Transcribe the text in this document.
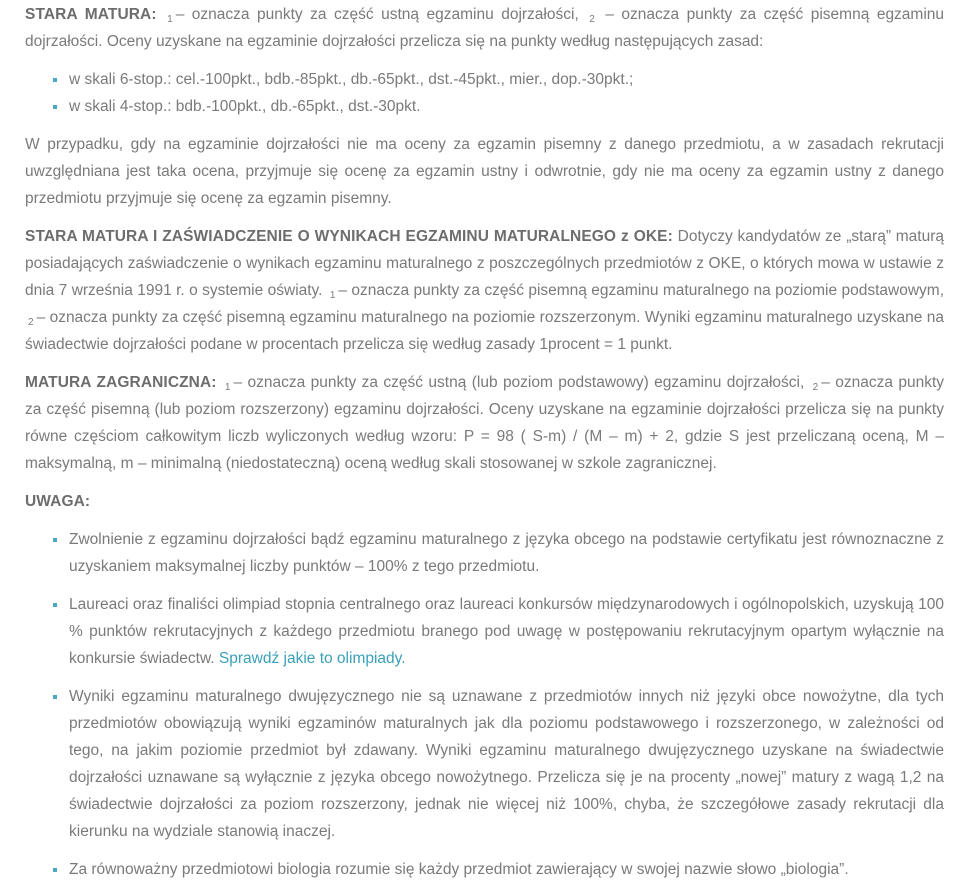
STARA MATURA: $_1$ – oznacza punkty za część ustną egzaminu dojrzałości, $_2$ – oznacza punkty za część pisemną egzaminu dojrzałości. Oceny uzyskane na egzaminie dojrzałości przelicza się na punkty według następujących zasad:

w skali 6-stop.: cel.-100pkt., bdb.-85pkt., db.-65pkt., dst.-45pkt., mier., dop.-30pkt.;
w skali 4-stop.: bdb.-100pkt., db.-65pkt., dst.-30pkt.

W przypadku, gdy na egzaminie dojrzałości nie ma oceny za egzamin pisemny z danego przedmiotu, a w zasadach rekrutacji uwzględniana jest taka ocena, przyjmuje się ocenę za egzamin ustny i odwrotnie, gdy nie ma oceny za egzamin ustny z danego przedmiotu przyjmuje się ocenę za egzamin pisemny.

STARA MATURA I ZAŚWIADCZENIE O WYNIKACH EGZAMINU MATURALNEGO z OKE: Dotyczy kandydatów ze „starą” maturą posiadających zaświadczenie o wynikach egzaminu maturalnego z poszczególnych przedmiotów z OKE, o których mowa w ustawie z dnia 7 września 1991 r. o systemie oświaty. $_1$ – oznacza punkty za część pisemną egzaminu maturalnego na poziomie podstawowym, $_2$ – oznacza punkty za część pisemną egzaminu maturalnego na poziomie rozszerzonym. Wyniki egzaminu maturalnego uzyskane na świadectwie dojrzałości podane w procentach przelicza się według zasady 1procent = 1 punkt.

MATURA ZAGRANICZNA: $_1$ – oznacza punkty za część ustną (lub poziom podstawowy) egzaminu dojrzałości, $_2$ – oznacza punkty za część pisemną (lub poziom rozszerzony) egzaminu dojrzałości. Oceny uzyskane na egzaminie dojrzałości przelicza się na punkty równe częściom całkowitym liczb wyliczonych według wzoru: P = 98 ( S-m) / (M – m) + 2, gdzie S jest przeliczaną oceną, M – maksymalną, m – minimalną (niedostateczną) oceną według skali stosowanej w szkole zagranicznej.

UWAGA:

Zwolnienie z egzaminu dojrzałości bądź egzaminu maturalnego z języka obcego na podstawie certyfikatu jest równoznaczne z uzyskaniem maksymalnej liczby punktów – 100% z tego przedmiotu.
Laureaci oraz finaliści olimpiad stopnia centralnego oraz laureaci konkursów międzynarodowych i ogólnopolskich, uzyskują 100 % punktów rekrutacyjnych z każdego przedmiotu branego pod uwagę w postępowaniu rekrutacyjnym opartym wyłącznie na konkursie świadectw. Sprawdź jakie to olimpiady.
Wyniki egzaminu maturalnego dwujęzycznego nie są uznawane z przedmiotów innych niż języki obce nowożytne, dla tych przedmiotów obowiązują wyniki egzaminów maturalnych jak dla poziomu podstawowego i rozszerzonego, w zależności od tego, na jakim poziomie przedmiot był zdawany. Wyniki egzaminu maturalnego dwujęzycznego uzyskane na świadectwie dojrzałości uznawane są wyłącznie z języka obcego nowożytnego. Przelicza się je na procenty „nowej” matury z wagą 1,2 na świadectwie dojrzałości za poziom rozszerzony, jednak nie więcej niż 100%, chyba, że szczegółowe zasady rekrutacji dla kierunku na wydziale stanowią inaczej.
Za równoważny przedmiotowi biologia rozumie się każdy przedmiot zawierający w swojej nazwie słowo „biologia”.
